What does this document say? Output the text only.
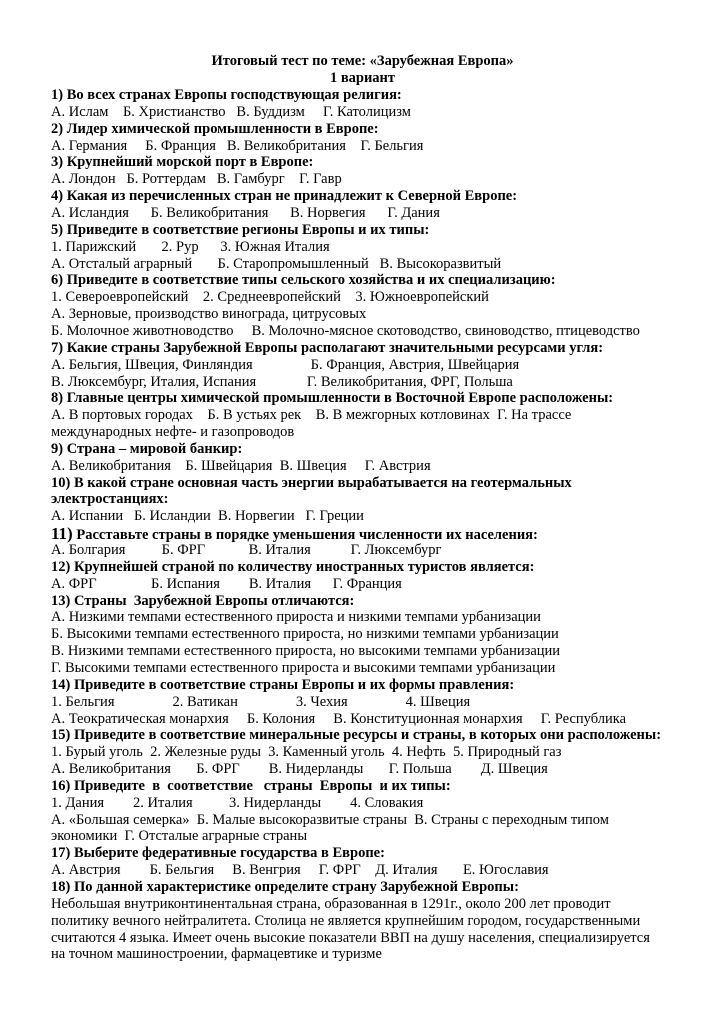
Итоговый тест по теме: «Зарубежная Европа»
1 вариант
1) Во всех странах Европы господствующая религия:
А. Ислам    Б. Христианство   В. Буддизм     Г. Католицизм
2) Лидер химической промышленности в Европе:
А. Германия     Б. Франция   В. Великобритания    Г. Бельгия
3) Крупнейший морской порт в Европе:
А. Лондон   Б. Роттердам   В. Гамбург    Г. Гавр
4) Какая из перечисленных стран не принадлежит к Северной Европе:
А. Исландия      Б. Великобритания      В. Норвегия      Г. Дания
5) Приведите в соответствие регионы Европы и их типы:
1. Парижский       2. Рур      3. Южная Италия
А. Отсталый аграрный       Б. Старопромышленный   В. Высокоразвитый
6) Приведите в соответствие типы сельского хозяйства и их специализацию:
1. Североевропейский    2. Среднеевропейский    3. Южноевропейский
А. Зерновые, производство винограда, цитрусовых
Б. Молочное животноводство     В. Молочно-мясное скотоводство, свиноводство, птицеводство
7) Какие страны Зарубежной Европы располагают значительными ресурсами угля:
А. Бельгия, Швеция, Финляндия                Б. Франция, Австрия, Швейцария
В. Люксембург, Италия, Испания              Г. Великобритания, ФРГ, Польша
8) Главные центры химической промышленности в Восточной Европе расположены:
А. В портовых городах    Б. В устьях рек    В. В межгорных котловинах  Г. На трассе
международных нефте- и газопроводов
9) Страна – мировой банкир:
А. Великобритания    Б. Швейцария  В. Швеция     Г. Австрия
10) В какой стране основная часть энергии вырабатывается на геотермальных
электростанциях:
А. Испании   Б. Исландии  В. Норвегии   Г. Греции
11) Расставьте страны в порядке уменьшения численности их населения:
А. Болгария          Б. ФРГ            В. Италия           Г. Люксембург
12) Крупнейшей страной по количеству иностранных туристов является:
А. ФРГ               Б. Испания        В. Италия      Г. Франция
13) Страны  Зарубежной Европы отличаются:
А. Низкими темпами естественного прироста и низкими темпами урбанизации
Б. Высокими темпами естественного прироста, но низкими темпами урбанизации
В. Низкими темпами естественного прироста, но высокими темпами урбанизации
Г. Высокими темпами естественного прироста и высокими темпами урбанизации
14) Приведите в соответствие страны Европы и их формы правления:
1. Бельгия                2. Ватикан                3. Чехия                4. Швеция
А. Теократическая монархия     Б. Колония     В. Конституционная монархия     Г. Республика
15) Приведите в соответствие минеральные ресурсы и страны, в которых они расположены:
1. Бурый уголь  2. Железные руды  3. Каменный уголь  4. Нефть  5. Природный газ
А. Великобритания       Б. ФРГ        В. Нидерланды       Г. Польша        Д. Швеция
16) Приведите  в  соответствие   страны  Европы  и их типы:
1. Дания        2. Италия          3. Нидерланды        4. Словакия
А. «Большая семерка»  Б. Малые высокоразвитые страны  В. Страны с переходным типом
экономики  Г. Отсталые аграрные страны
17) Выберите федеративные государства в Европе:
А. Австрия        Б. Бельгия     В. Венгрия     Г. ФРГ    Д. Италия       Е. Югославия
18) По данной характеристике определите страну Зарубежной Европы:
Небольшая внутриконтинентальная страна, образованная в 1291г., около 200 лет проводит
политику вечного нейтралитета. Столица не является крупнейшим городом, государственными
считаются 4 языка. Имеет очень высокие показатели ВВП на душу населения, специализируется
на точном машиностроении, фармацевтике и туризме
